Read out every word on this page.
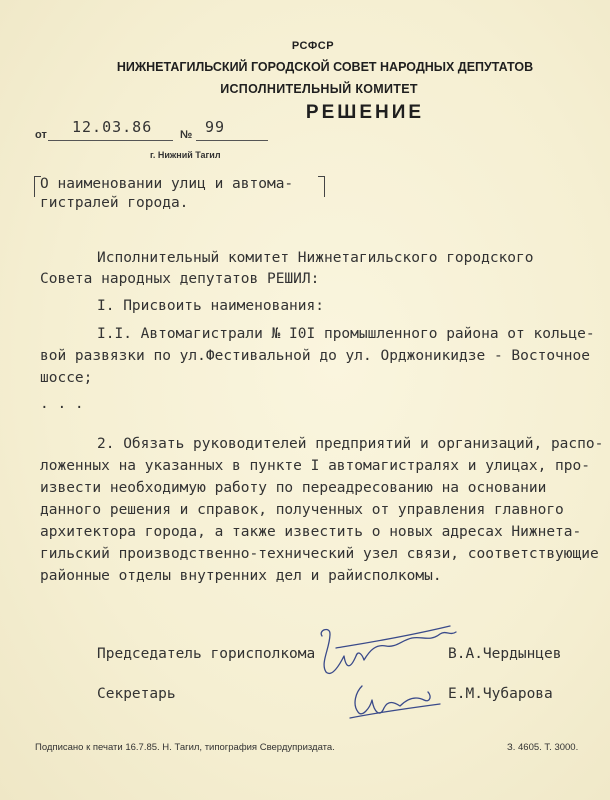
РСФСР
НИЖНЕТАГИЛЬСКИЙ ГОРОДСКОЙ СОВЕТ НАРОДНЫХ ДЕПУТАТОВ
ИСПОЛНИТЕЛЬНЫЙ КОМИТЕТ
РЕШЕНИЕ
от 12.03.86	№ 99
г. Нижний Тагил
О наименовании улиц и автома-
гистралей города.
Исполнительный комитет Нижнетагильского городского
Совета народных депутатов РЕШИЛ:
I. Присвоить наименования:
I.I. Автомагистрали № I0I промышленного района от кольце-
вой развязки по ул.Фестивальной до ул. Орджоникидзе - Восточное
шоссе;
. . .
2. Обязать руководителей предприятий и организаций, распо-
ложенных на указанных в пункте I автомагистралях и улицах, про-
извести необходимую работу по переадресованию на основании
данного решения и справок, полученных от управления главного
архитектора города, а также известить о новых адресах Нижнета-
гильский производственно-технический узел связи, соответствующие
районные отделы внутренних дел и райисполкомы.
Председатель горисполкома	В.А.Чердынцев
Секретарь	Е.М.Чубарова
Подписано к печати 16.7.85. Н. Тагил, типография Свердуприздата.	З. 4605. Т. 3000.
